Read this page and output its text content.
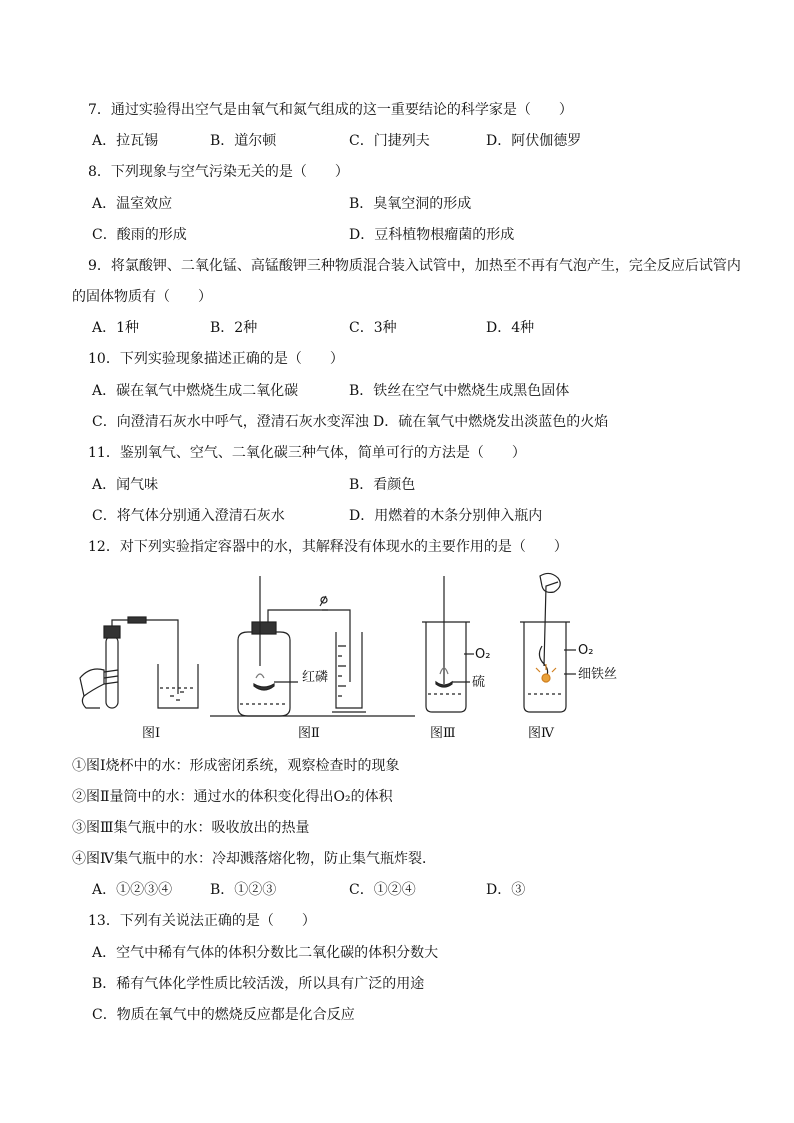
7．通过实验得出空气是由氧气和氮气组成的这一重要结论的科学家是（　　）
A．拉瓦锡	B．道尔顿	C．门捷列夫	D．阿伏伽德罗
8．下列现象与空气污染无关的是（　　）
A．温室效应	B．臭氧空洞的形成
C．酸雨的形成	D．豆科植物根瘤菌的形成
9．将氯酸钾、二氧化锰、高锰酸钾三种物质混合装入试管中，加热至不再有气泡产生，完全反应后试管内
的固体物质有（　　）
A．1种	B．2种	C．3种	D．4种
10．下列实验现象描述正确的是（　　）
A．碳在氧气中燃烧生成二氧化碳	B．铁丝在空气中燃烧生成黑色固体
C．向澄清石灰水中呼气，澄清石灰水变浑浊 D．硫在氧气中燃烧发出淡蓝色的火焰
11．鉴别氧气、空气、二氧化碳三种气体，简单可行的方法是（　　）
A．闻气味	B．看颜色
C．将气体分别通入澄清石灰水	D．用燃着的木条分别伸入瓶内
12．对下列实验指定容器中的水，其解释没有体现水的主要作用的是（　　）
红磷
O₂
硫
O₂
细铁丝
图Ⅰ	图Ⅱ	图Ⅲ	图Ⅳ
①图Ⅰ烧杯中的水：形成密闭系统，观察检查时的现象
②图Ⅱ量筒中的水：通过水的体积变化得出O₂的体积
③图Ⅲ集气瓶中的水：吸收放出的热量
④图Ⅳ集气瓶中的水：冷却溅落熔化物，防止集气瓶炸裂．
A．①②③④	B．①②③	C．①②④	D．③
13．下列有关说法正确的是（　　）
A．空气中稀有气体的体积分数比二氧化碳的体积分数大
B．稀有气体化学性质比较活泼，所以具有广泛的用途
C．物质在氧气中的燃烧反应都是化合反应
